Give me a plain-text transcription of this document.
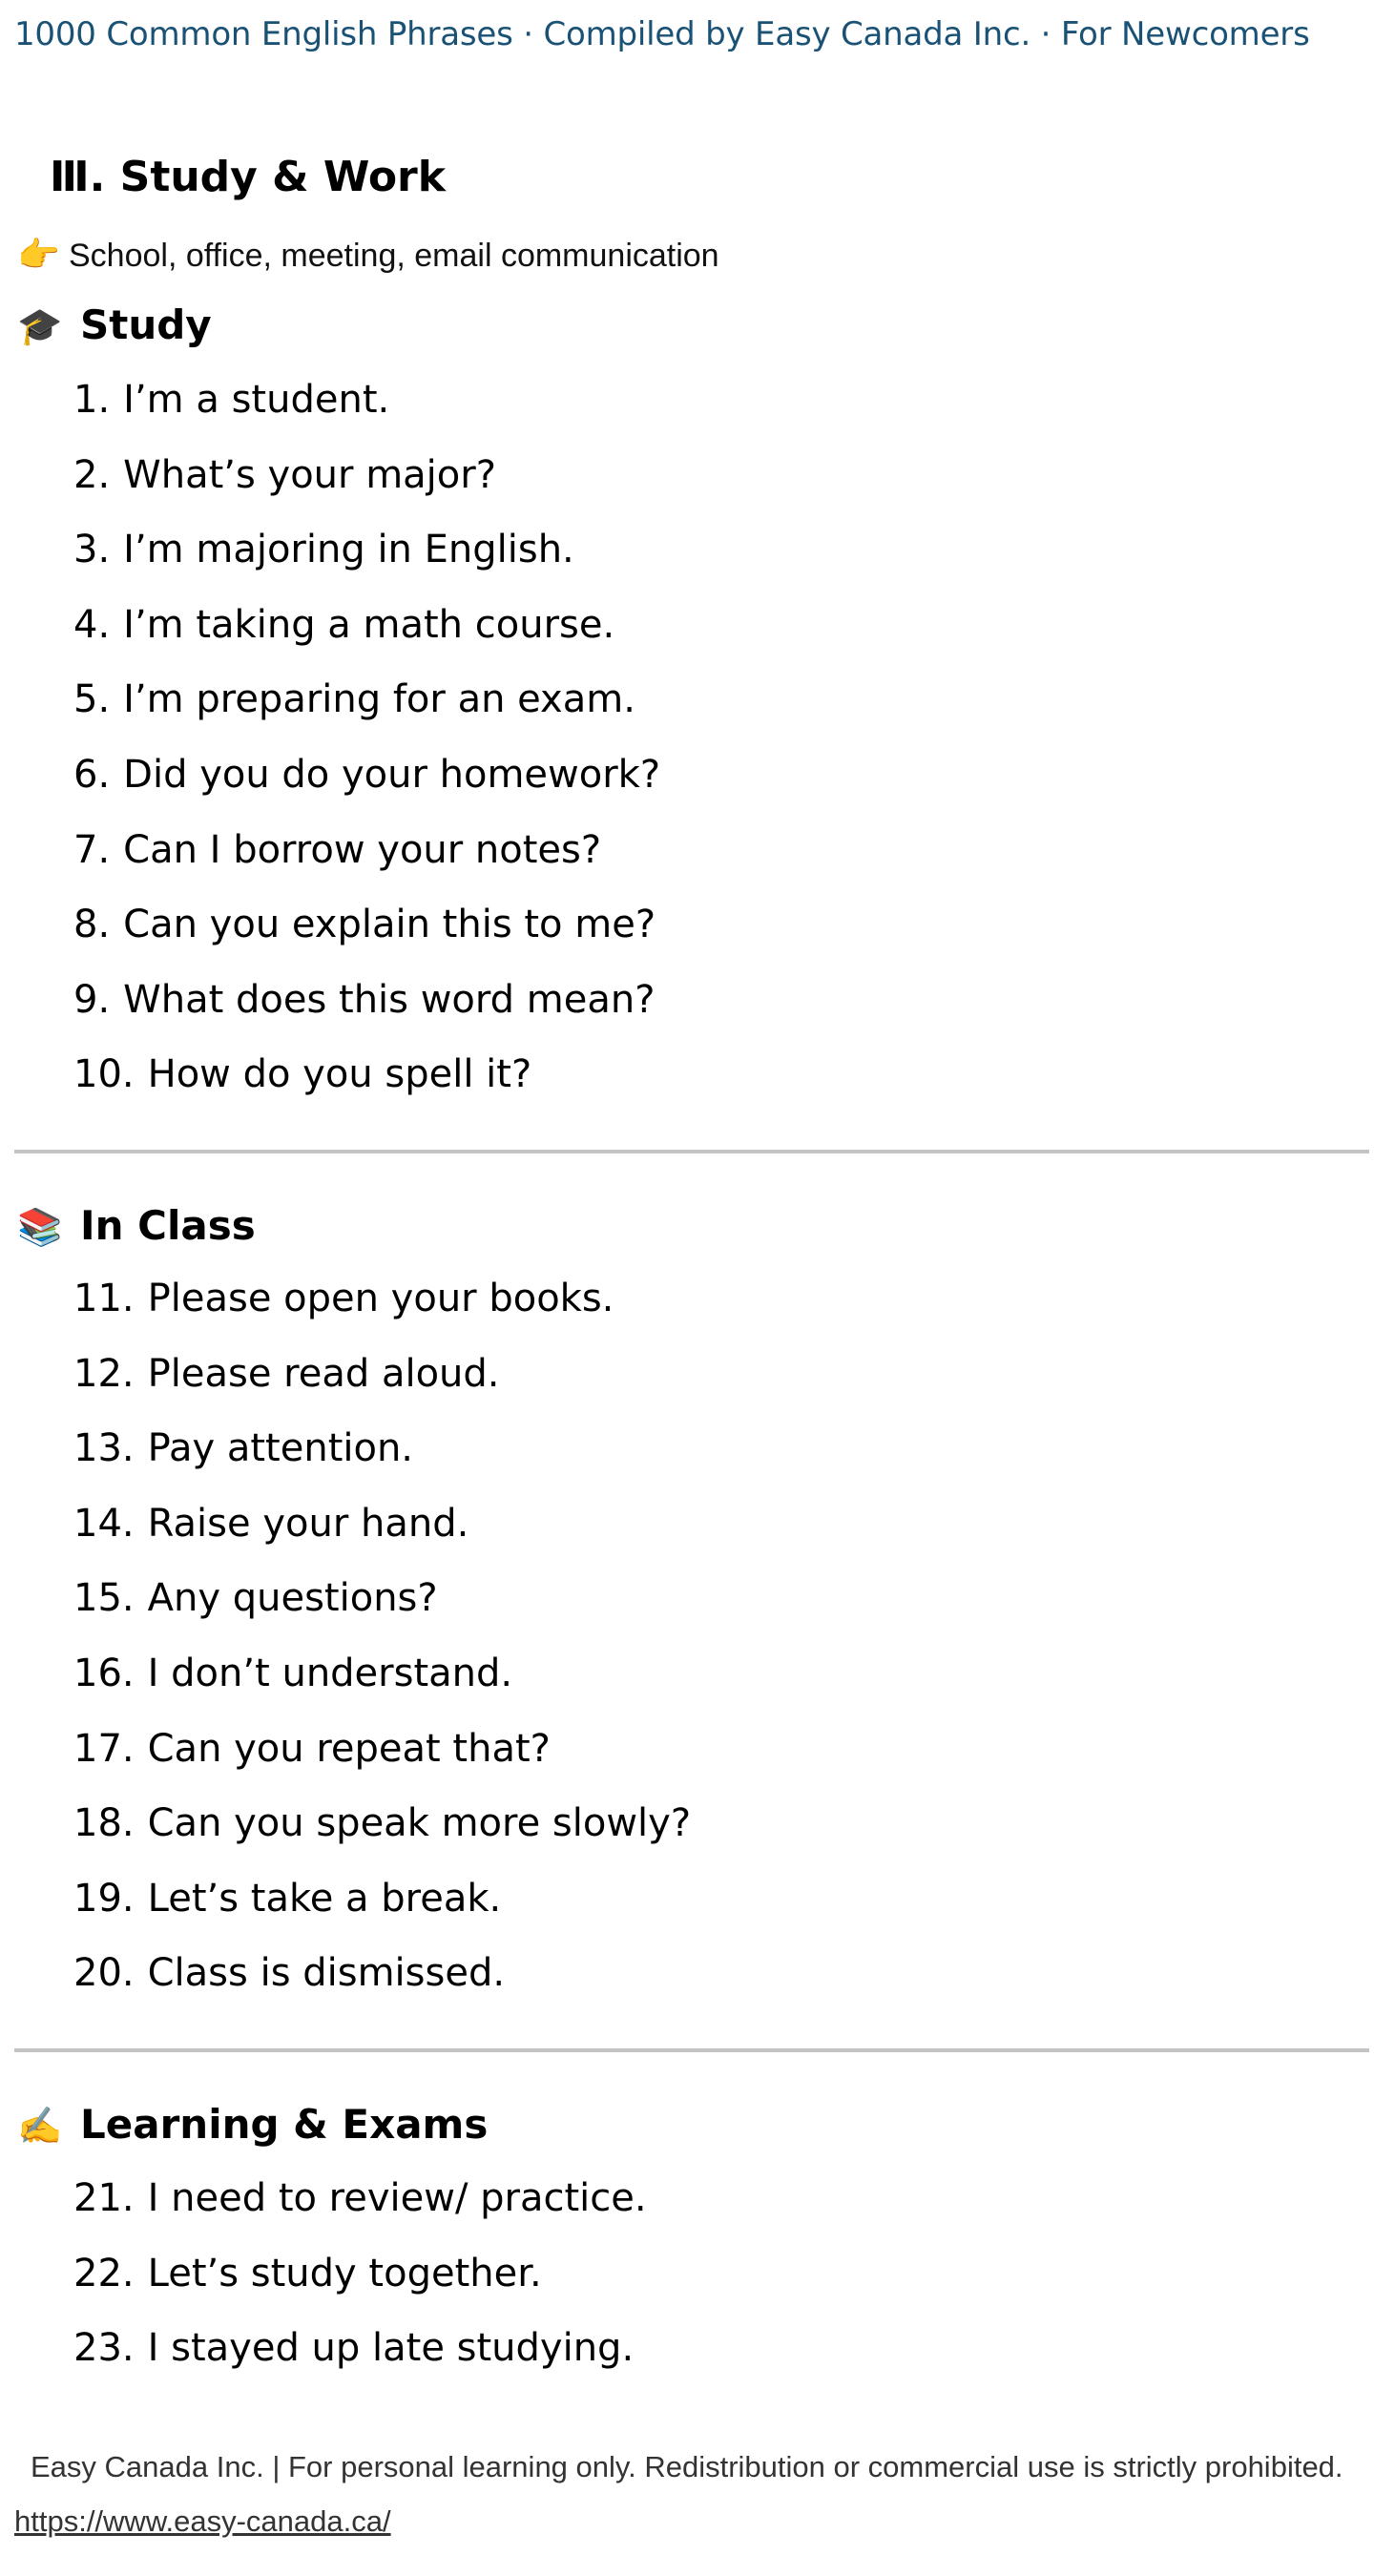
1000 Common English Phrases · Compiled by Easy Canada Inc. · For Newcomers
Ⅲ. Study & Work
👉 School, office, meeting, email communication
🎓 Study
1. I’m a student.
2. What’s your major?
3. I’m majoring in English.
4. I’m taking a math course.
5. I’m preparing for an exam.
6. Did you do your homework?
7. Can I borrow your notes?
8. Can you explain this to me?
9. What does this word mean?
10. How do you spell it?
📚 In Class
11. Please open your books.
12. Please read aloud.
13. Pay attention.
14. Raise your hand.
15. Any questions?
16. I don’t understand.
17. Can you repeat that?
18. Can you speak more slowly?
19. Let’s take a break.
20. Class is dismissed.
✍️ Learning & Exams
21. I need to review/ practice.
22. Let’s study together.
23. I stayed up late studying.
Easy Canada Inc. | For personal learning only. Redistribution or commercial use is strictly prohibited.
https://www.easy-canada.ca/
